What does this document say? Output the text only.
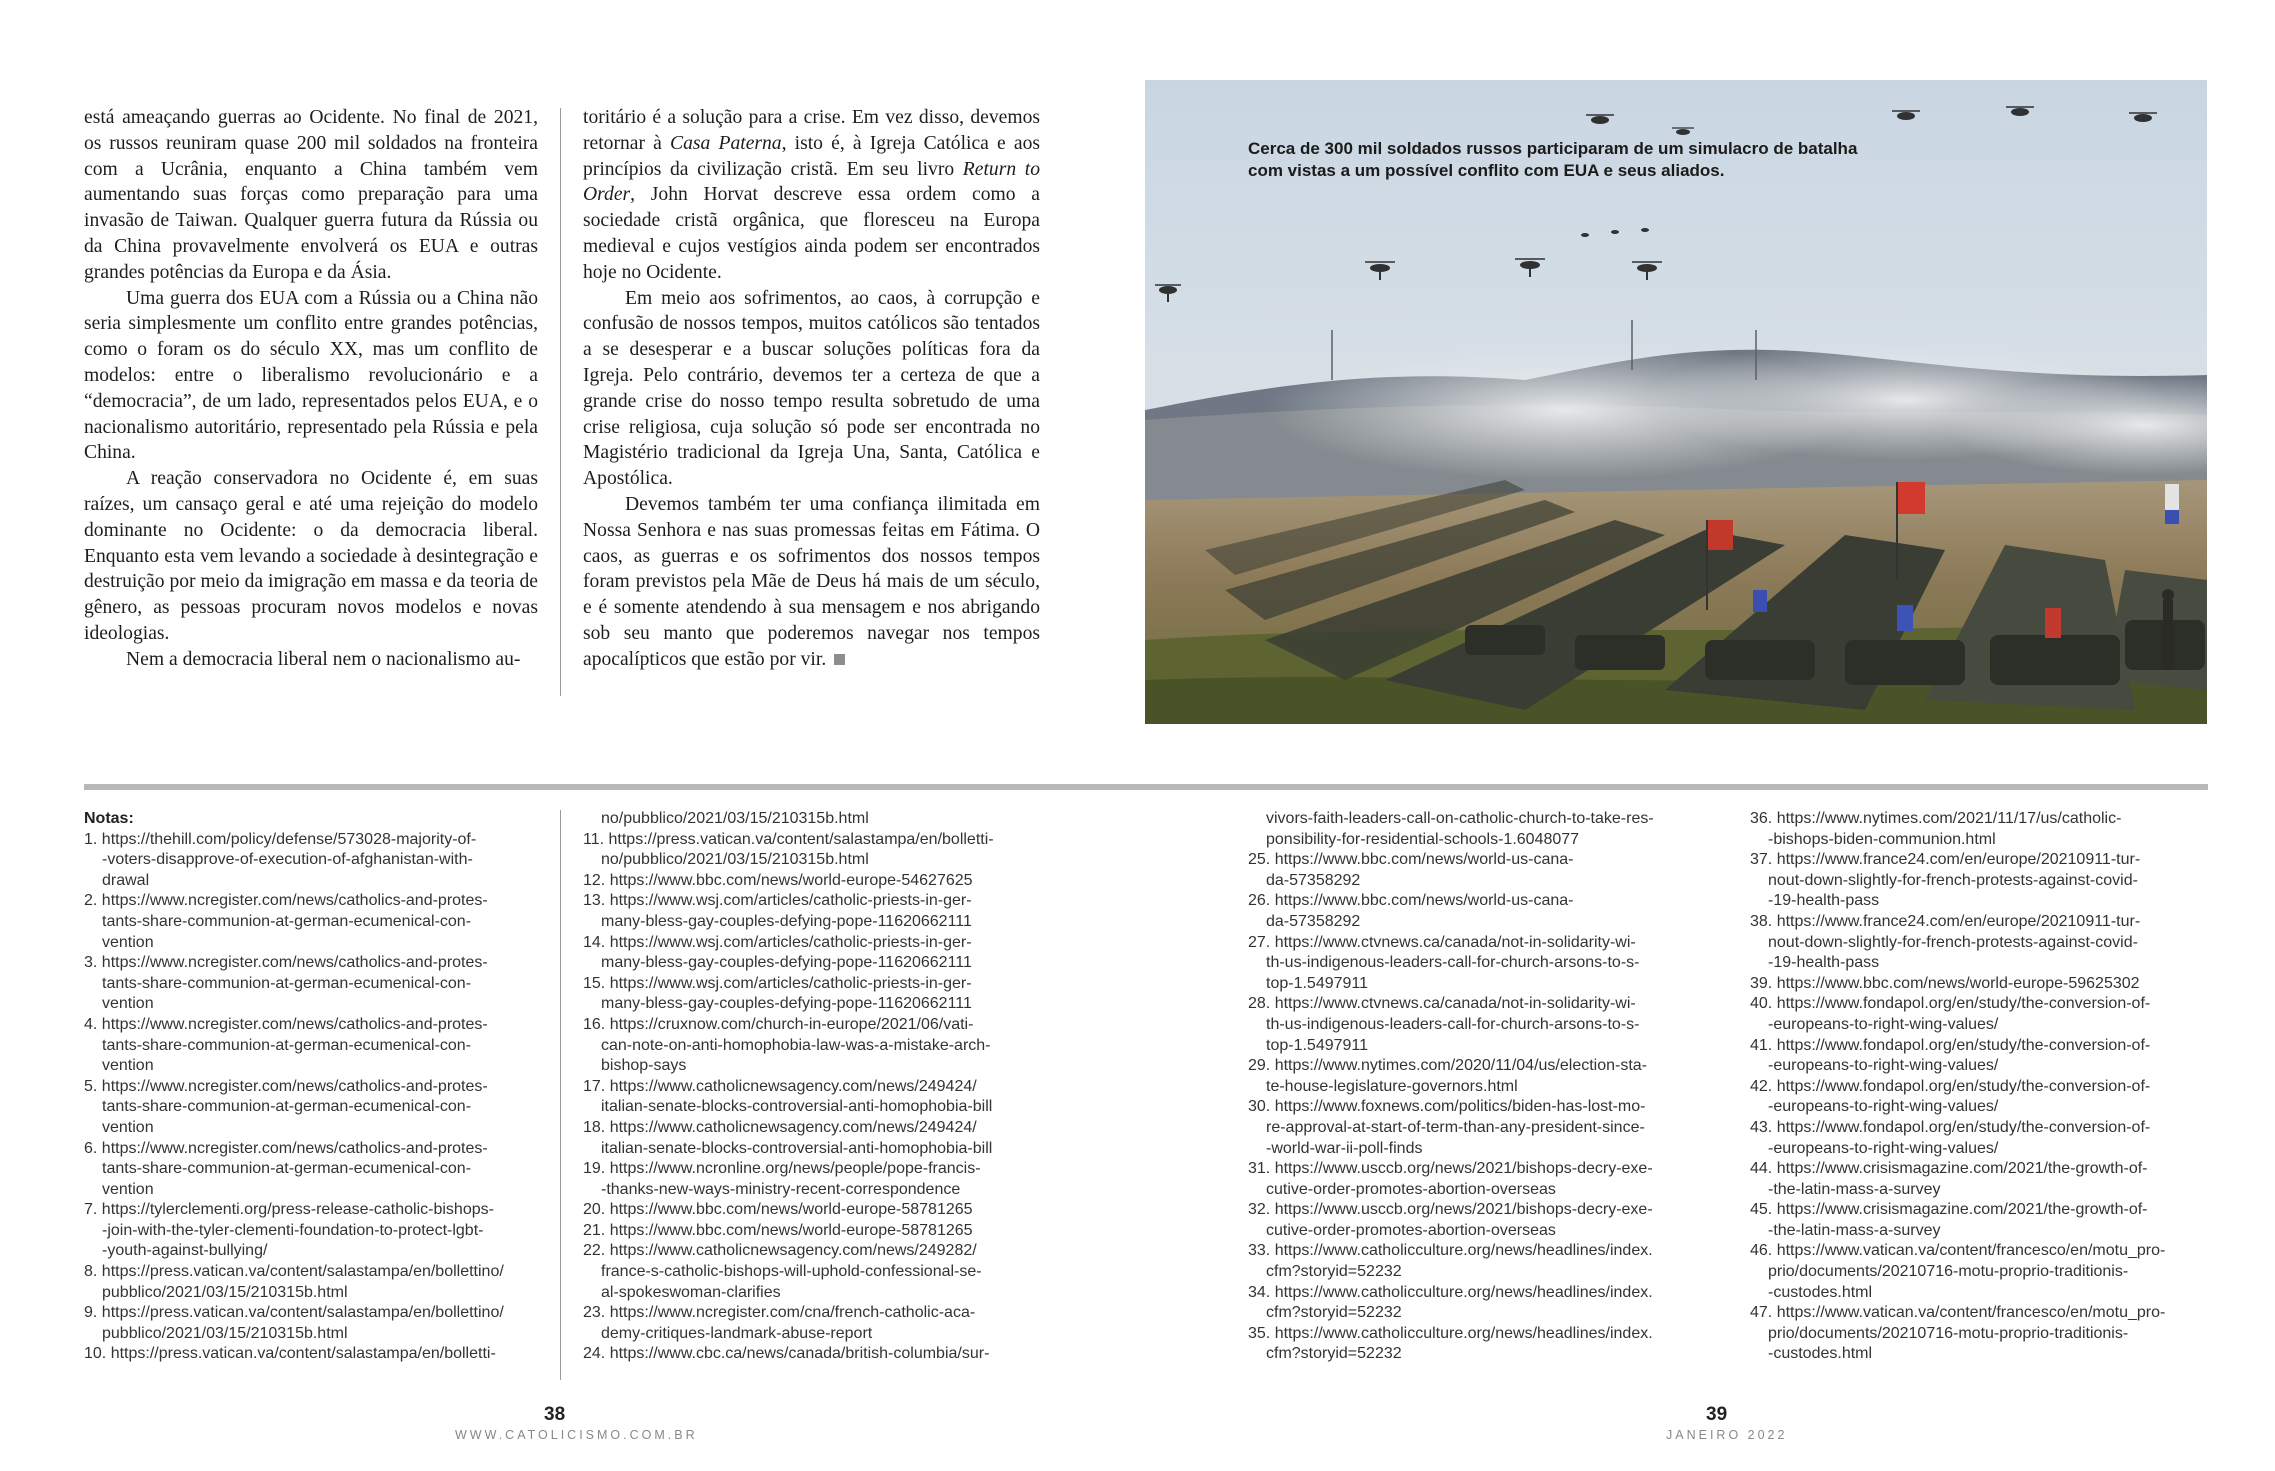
está ameaçando guerras ao Ocidente. No final de 2021, os russos reuniram quase 200 mil soldados na fronteira com a Ucrânia, enquanto a China também vem aumentando suas forças como preparação para uma invasão de Taiwan. Qualquer guerra futura da Rússia ou da China provavelmente envolverá os EUA e outras grandes potências da Europa e da Ásia.

Uma guerra dos EUA com a Rússia ou a China não seria simplesmente um conflito entre grandes potências, como o foram os do século XX, mas um conflito de modelos: entre o liberalismo revolucionário e a “democracia”, de um lado, representados pelos EUA, e o nacionalismo autoritário, representado pela Rússia e pela China.

A reação conservadora no Ocidente é, em suas raízes, um cansaço geral e até uma rejeição do modelo dominante no Ocidente: o da democracia liberal. Enquanto esta vem levando a sociedade à desintegração e destruição por meio da imigração em massa e da teoria de gênero, as pessoas procuram novos modelos e novas ideologias.

Nem a democracia liberal nem o nacionalismo au-

toritário é a solução para a crise. Em vez disso, devemos retornar à Casa Paterna, isto é, à Igreja Católica e aos princípios da civilização cristã. Em seu livro Return to Order, John Horvat descreve essa ordem como a sociedade cristã orgânica, que floresceu na Europa medieval e cujos vestígios ainda podem ser encontrados hoje no Ocidente.

Em meio aos sofrimentos, ao caos, à corrupção e confusão de nossos tempos, muitos católicos são tentados a se desesperar e a buscar soluções políticas fora da Igreja. Pelo contrário, devemos ter a certeza de que a grande crise do nosso tempo resulta sobretudo de uma crise religiosa, cuja solução só pode ser encontrada no Magistério tradicional da Igreja Una, Santa, Católica e Apostólica.

Devemos também ter uma confiança ilimitada em Nossa Senhora e nas suas promessas feitas em Fátima. O caos, as guerras e os sofrimentos dos nossos tempos foram previstos pela Mãe de Deus há mais de um século, e é somente atendendo à sua mensagem e nos abrigando sob seu manto que poderemos navegar nos tempos apocalípticos que estão por vir.

Cerca de 300 mil soldados russos participaram de um simulacro de batalha com vistas a um possível conflito com EUA e seus aliados.
Notas:
1. https://thehill.com/policy/defense/573028-majority-of-
-voters-disapprove-of-execution-of-afghanistan-with-
drawal
2. https://www.ncregister.com/news/catholics-and-protes-
tants-share-communion-at-german-ecumenical-con-
vention
3. https://www.ncregister.com/news/catholics-and-protes-
tants-share-communion-at-german-ecumenical-con-
vention
4. https://www.ncregister.com/news/catholics-and-protes-
tants-share-communion-at-german-ecumenical-con-
vention
5. https://www.ncregister.com/news/catholics-and-protes-
tants-share-communion-at-german-ecumenical-con-
vention
6. https://www.ncregister.com/news/catholics-and-protes-
tants-share-communion-at-german-ecumenical-con-
vention
7. https://tylerclementi.org/press-release-catholic-bishops-
-join-with-the-tyler-clementi-foundation-to-protect-lgbt-
-youth-against-bullying/
8. https://press.vatican.va/content/salastampa/en/bollettino/
pubblico/2021/03/15/210315b.html
9. https://press.vatican.va/content/salastampa/en/bollettino/
pubblico/2021/03/15/210315b.html
10. https://press.vatican.va/content/salastampa/en/bolletti-
no/pubblico/2021/03/15/210315b.html
11. https://press.vatican.va/content/salastampa/en/bolletti-
no/pubblico/2021/03/15/210315b.html
12. https://www.bbc.com/news/world-europe-54627625
13. https://www.wsj.com/articles/catholic-priests-in-ger-
many-bless-gay-couples-defying-pope-11620662111
14. https://www.wsj.com/articles/catholic-priests-in-ger-
many-bless-gay-couples-defying-pope-11620662111
15. https://www.wsj.com/articles/catholic-priests-in-ger-
many-bless-gay-couples-defying-pope-11620662111
16. https://cruxnow.com/church-in-europe/2021/06/vati-
can-note-on-anti-homophobia-law-was-a-mistake-arch-
bishop-says
17. https://www.catholicnewsagency.com/news/249424/
italian-senate-blocks-controversial-anti-homophobia-bill
18. https://www.catholicnewsagency.com/news/249424/
italian-senate-blocks-controversial-anti-homophobia-bill
19. https://www.ncronline.org/news/people/pope-francis-
-thanks-new-ways-ministry-recent-correspondence
20. https://www.bbc.com/news/world-europe-58781265
21. https://www.bbc.com/news/world-europe-58781265
22. https://www.catholicnewsagency.com/news/249282/
france-s-catholic-bishops-will-uphold-confessional-se-
al-spokeswoman-clarifies
23. https://www.ncregister.com/cna/french-catholic-aca-
demy-critiques-landmark-abuse-report
24. https://www.cbc.ca/news/canada/british-columbia/sur-
vivors-faith-leaders-call-on-catholic-church-to-take-res-
ponsibility-for-residential-schools-1.6048077
25. https://www.bbc.com/news/world-us-cana-
da-57358292
26. https://www.bbc.com/news/world-us-cana-
da-57358292
27. https://www.ctvnews.ca/canada/not-in-solidarity-wi-
th-us-indigenous-leaders-call-for-church-arsons-to-s-
top-1.5497911
28. https://www.ctvnews.ca/canada/not-in-solidarity-wi-
th-us-indigenous-leaders-call-for-church-arsons-to-s-
top-1.5497911
29. https://www.nytimes.com/2020/11/04/us/election-sta-
te-house-legislature-governors.html
30. https://www.foxnews.com/politics/biden-has-lost-mo-
re-approval-at-start-of-term-than-any-president-since-
-world-war-ii-poll-finds
31. https://www.usccb.org/news/2021/bishops-decry-exe-
cutive-order-promotes-abortion-overseas
32. https://www.usccb.org/news/2021/bishops-decry-exe-
cutive-order-promotes-abortion-overseas
33. https://www.catholicculture.org/news/headlines/index.
cfm?storyid=52232
34. https://www.catholicculture.org/news/headlines/index.
cfm?storyid=52232
35. https://www.catholicculture.org/news/headlines/index.
cfm?storyid=52232
36. https://www.nytimes.com/2021/11/17/us/catholic-
-bishops-biden-communion.html
37. https://www.france24.com/en/europe/20210911-tur-
nout-down-slightly-for-french-protests-against-covid-
-19-health-pass
38. https://www.france24.com/en/europe/20210911-tur-
nout-down-slightly-for-french-protests-against-covid-
-19-health-pass
39. https://www.bbc.com/news/world-europe-59625302
40. https://www.fondapol.org/en/study/the-conversion-of-
-europeans-to-right-wing-values/
41. https://www.fondapol.org/en/study/the-conversion-of-
-europeans-to-right-wing-values/
42. https://www.fondapol.org/en/study/the-conversion-of-
-europeans-to-right-wing-values/
43. https://www.fondapol.org/en/study/the-conversion-of-
-europeans-to-right-wing-values/
44. https://www.crisismagazine.com/2021/the-growth-of-
-the-latin-mass-a-survey
45. https://www.crisismagazine.com/2021/the-growth-of-
-the-latin-mass-a-survey
46. https://www.vatican.va/content/francesco/en/motu_pro-
prio/documents/20210716-motu-proprio-traditionis-
-custodes.html
47. https://www.vatican.va/content/francesco/en/motu_pro-
prio/documents/20210716-motu-proprio-traditionis-
-custodes.html
38
WWW.CATOLICISMO.COM.BR
39
JANEIRO 2022
